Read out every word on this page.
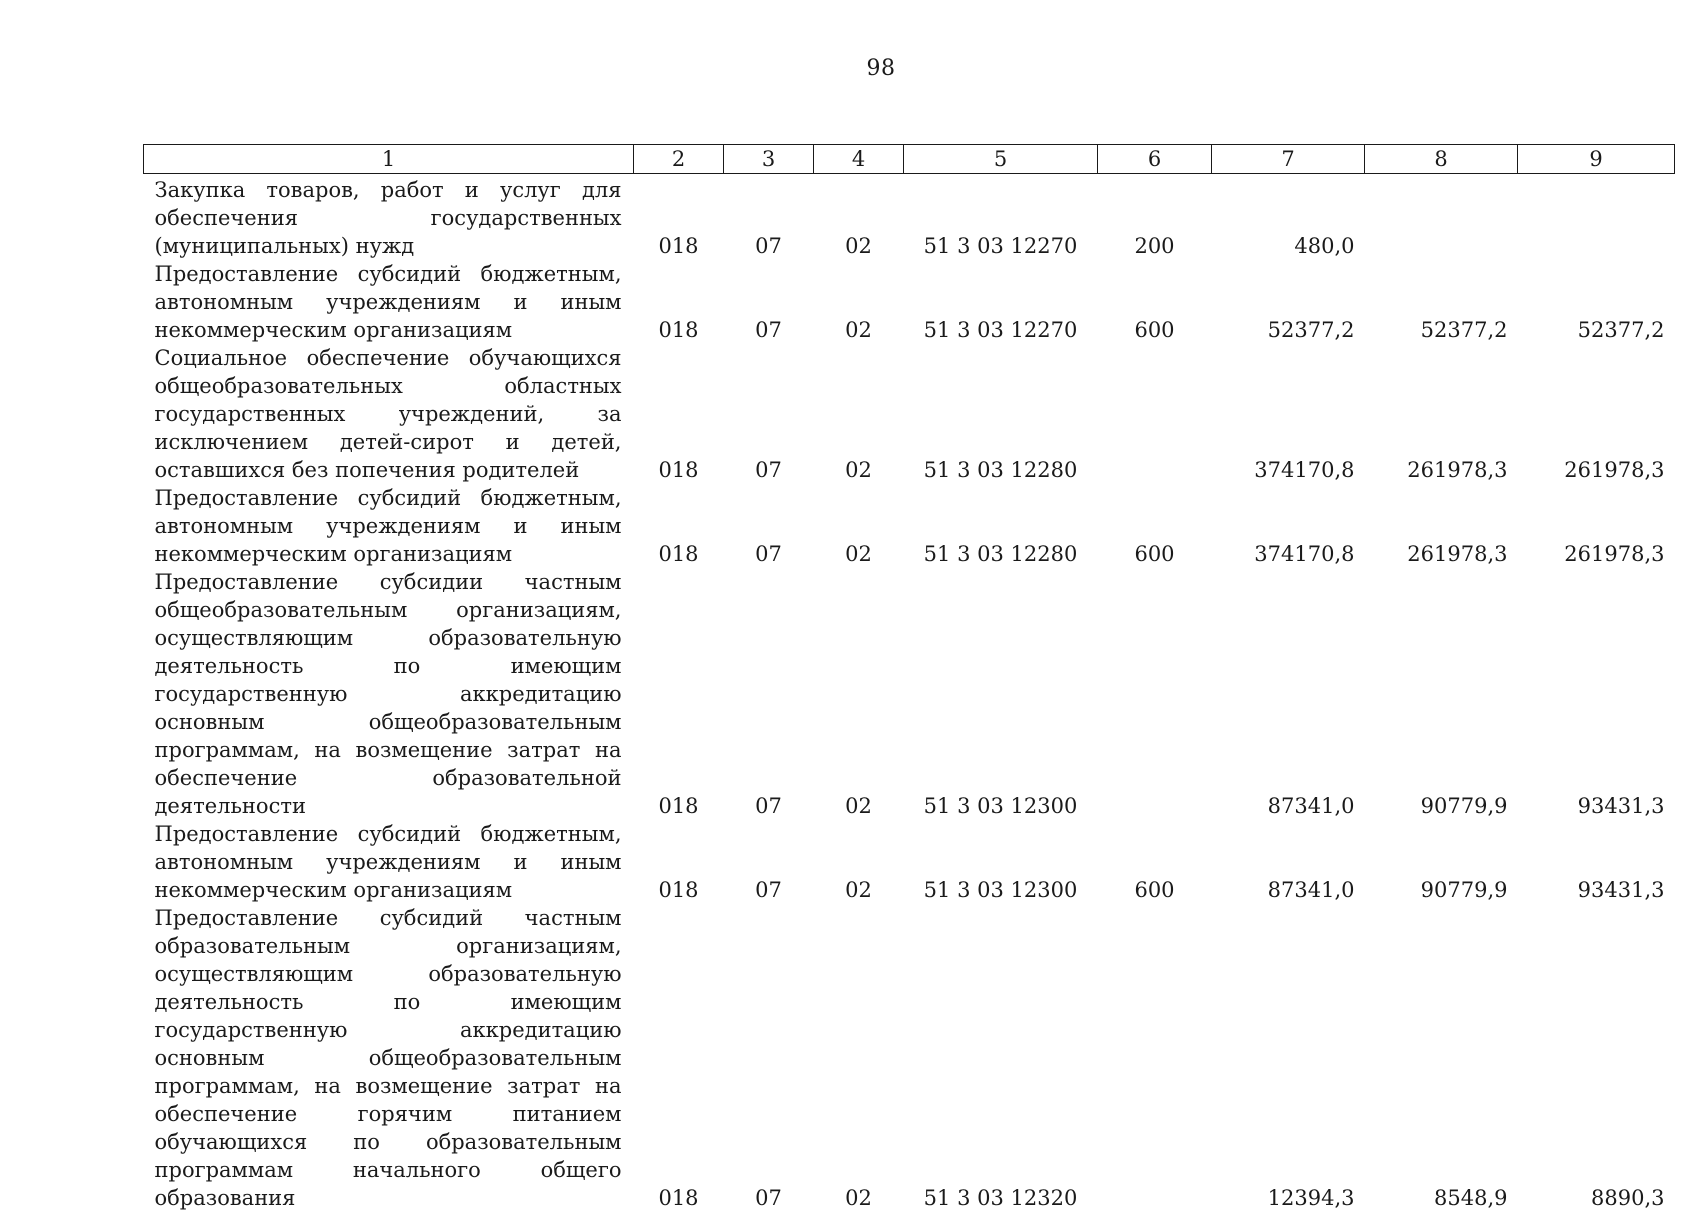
98
1	2	3	4	5	6	7	8	9
Закупка товаров, работ и услуг для обеспечения государственных (муниципальных) нужд	018	07	02	51 3 03 12270	200	480,0		
Предоставление субсидий бюджетным, автономным учреждениям и иным некоммерческим организациям	018	07	02	51 3 03 12270	600	52377,2	52377,2	52377,2
Социальное обеспечение обучающихся общеобразовательных областных государственных учреждений, за исключением детей-сирот и детей, оставшихся без попечения родителей	018	07	02	51 3 03 12280		374170,8	261978,3	261978,3
Предоставление субсидий бюджетным, автономным учреждениям и иным некоммерческим организациям	018	07	02	51 3 03 12280	600	374170,8	261978,3	261978,3
Предоставление субсидии частным общеобразовательным организациям, осуществляющим образовательную деятельность по имеющим государственную аккредитацию основным общеобразовательным программам, на возмещение затрат на обеспечение образовательной деятельности	018	07	02	51 3 03 12300		87341,0	90779,9	93431,3
Предоставление субсидий бюджетным, автономным учреждениям и иным некоммерческим организациям	018	07	02	51 3 03 12300	600	87341,0	90779,9	93431,3
Предоставление субсидий частным образовательным организациям, осуществляющим образовательную деятельность по имеющим государственную аккредитацию основным общеобразовательным программам, на возмещение затрат на обеспечение горячим питанием обучающихся по образовательным программам начального общего образования	018	07	02	51 3 03 12320		12394,3	8548,9	8890,3
